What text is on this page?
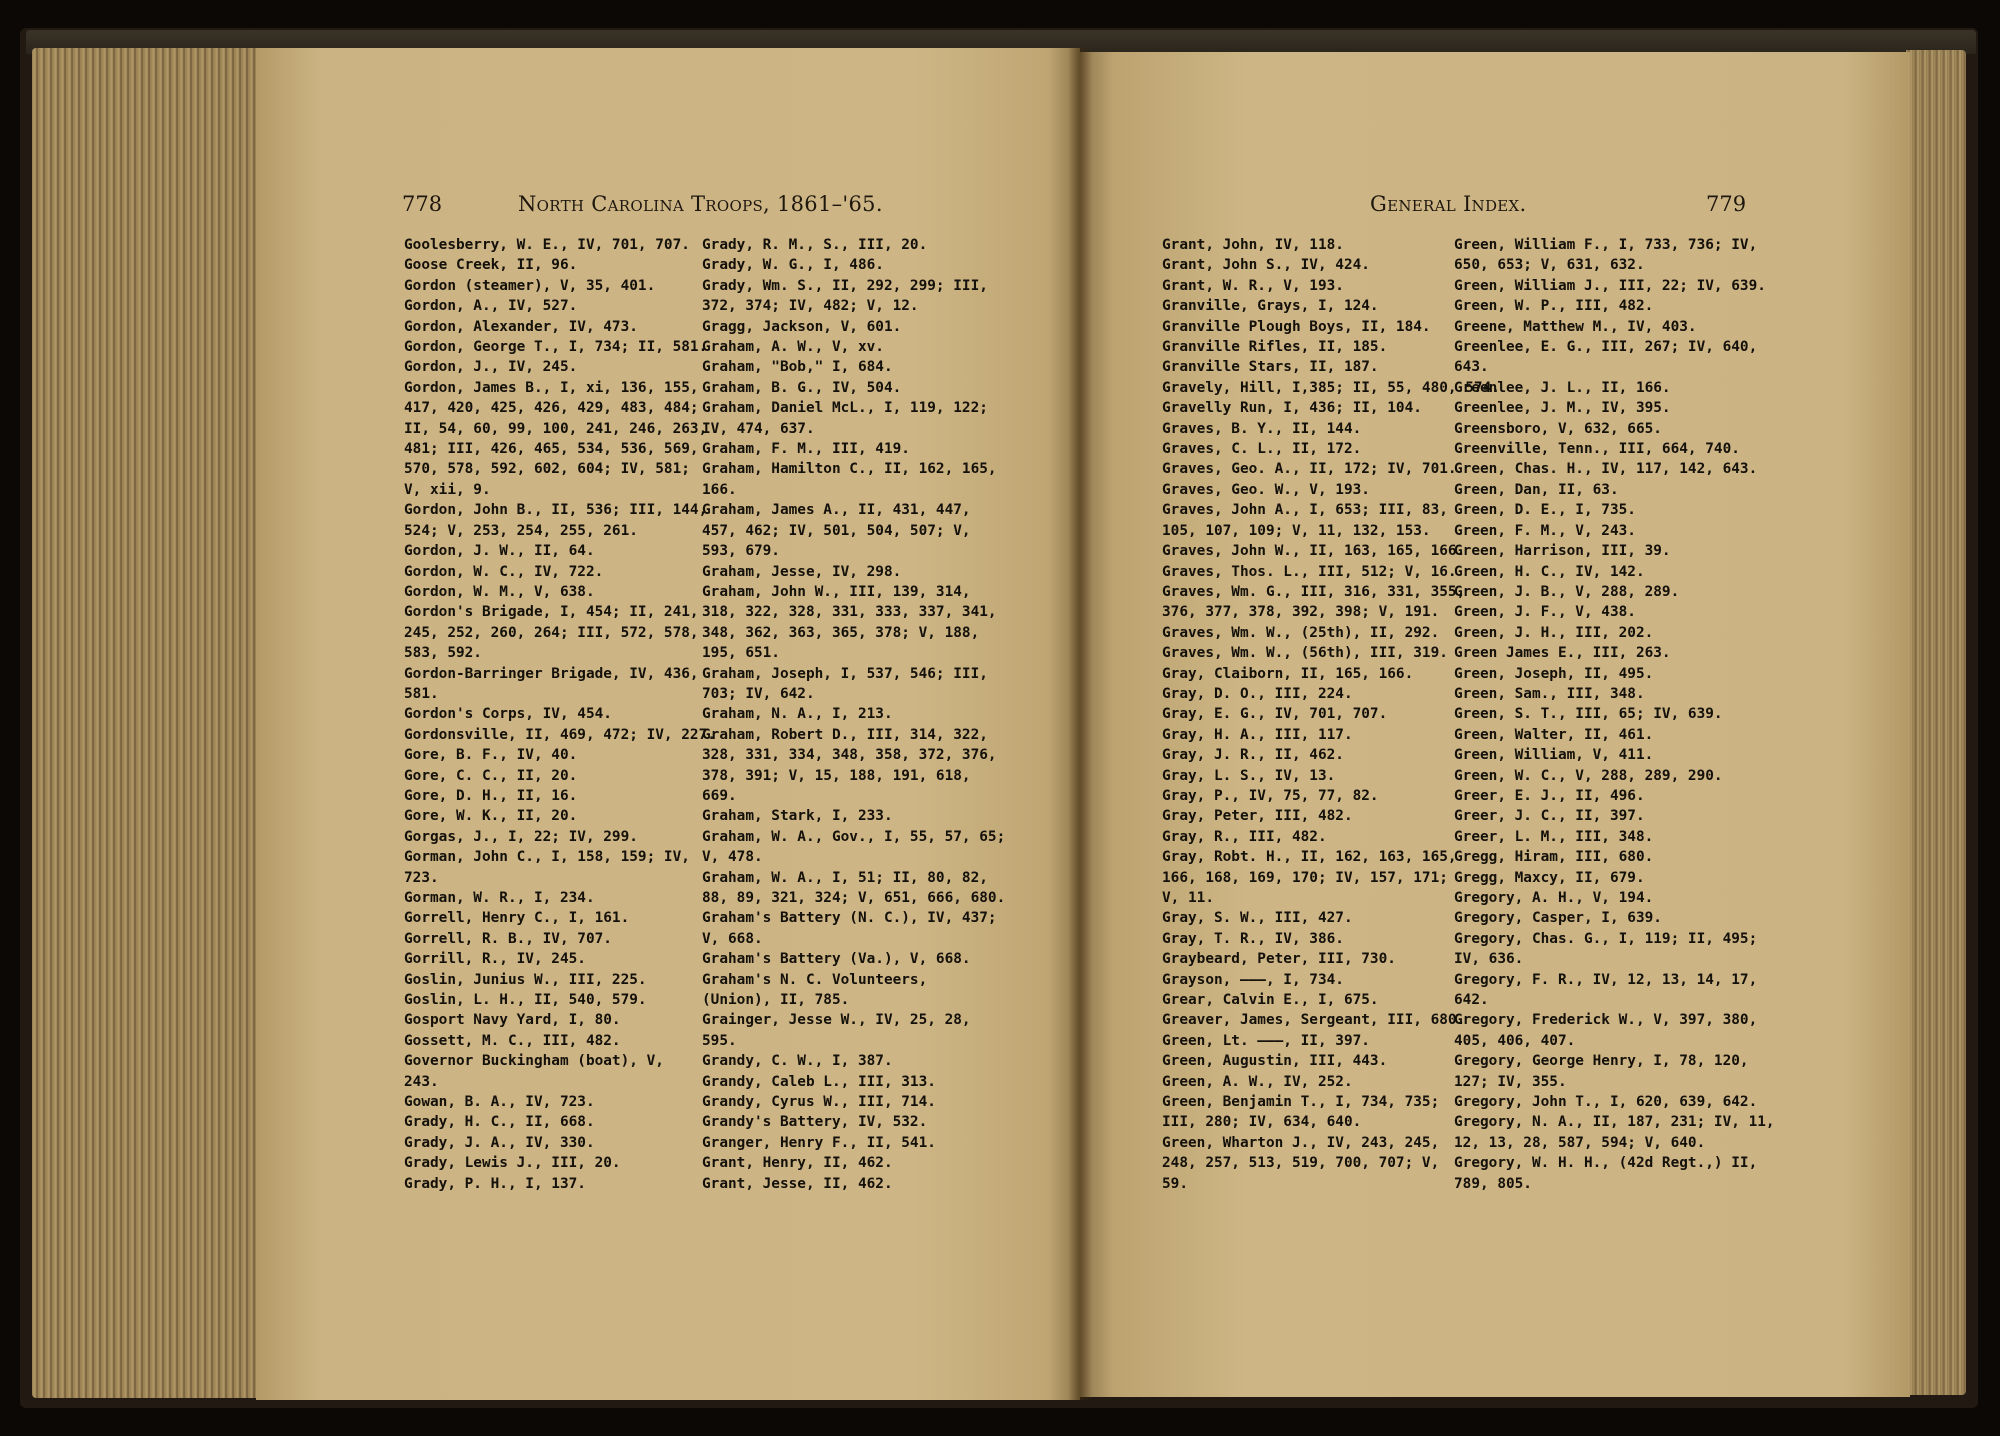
778	North Carolina Troops, 1861–'65.	General Index.	779
Goolesberry, W. E., IV, 701, 707.
Goose Creek, II, 96.
Gordon (steamer), V, 35, 401.
Gordon, A., IV, 527.
Gordon, Alexander, IV, 473.
Gordon, George T., I, 734; II, 581.
Gordon, J., IV, 245.
Gordon, James B., I, xi, 136, 155,
417, 420, 425, 426, 429, 483, 484;
II, 54, 60, 99, 100, 241, 246, 263,
481; III, 426, 465, 534, 536, 569,
570, 578, 592, 602, 604; IV, 581;
V, xii, 9.
Gordon, John B., II, 536; III, 144,
524; V, 253, 254, 255, 261.
Gordon, J. W., II, 64.
Gordon, W. C., IV, 722.
Gordon, W. M., V, 638.
Gordon's Brigade, I, 454; II, 241,
245, 252, 260, 264; III, 572, 578,
583, 592.
Gordon-Barringer Brigade, IV, 436,
581.
Gordon's Corps, IV, 454.
Gordonsville, II, 469, 472; IV, 227.
Gore, B. F., IV, 40.
Gore, C. C., II, 20.
Gore, D. H., II, 16.
Gore, W. K., II, 20.
Gorgas, J., I, 22; IV, 299.
Gorman, John C., I, 158, 159; IV,
723.
Gorman, W. R., I, 234.
Gorrell, Henry C., I, 161.
Gorrell, R. B., IV, 707.
Gorrill, R., IV, 245.
Goslin, Junius W., III, 225.
Goslin, L. H., II, 540, 579.
Gosport Navy Yard, I, 80.
Gossett, M. C., III, 482.
Governor Buckingham (boat), V,
243.
Gowan, B. A., IV, 723.
Grady, H. C., II, 668.
Grady, J. A., IV, 330.
Grady, Lewis J., III, 20.
Grady, P. H., I, 137.
Grady, R. M., S., III, 20.
Grady, W. G., I, 486.
Grady, Wm. S., II, 292, 299; III,
372, 374; IV, 482; V, 12.
Gragg, Jackson, V, 601.
Graham, A. W., V, xv.
Graham, "Bob," I, 684.
Graham, B. G., IV, 504.
Graham, Daniel McL., I, 119, 122;
IV, 474, 637.
Graham, F. M., III, 419.
Graham, Hamilton C., II, 162, 165,
166.
Graham, James A., II, 431, 447,
457, 462; IV, 501, 504, 507; V,
593, 679.
Graham, Jesse, IV, 298.
Graham, John W., III, 139, 314,
318, 322, 328, 331, 333, 337, 341,
348, 362, 363, 365, 378; V, 188,
195, 651.
Graham, Joseph, I, 537, 546; III,
703; IV, 642.
Graham, N. A., I, 213.
Graham, Robert D., III, 314, 322,
328, 331, 334, 348, 358, 372, 376,
378, 391; V, 15, 188, 191, 618,
669.
Graham, Stark, I, 233.
Graham, W. A., Gov., I, 55, 57, 65;
V, 478.
Graham, W. A., I, 51; II, 80, 82,
88, 89, 321, 324; V, 651, 666, 680.
Graham's Battery (N. C.), IV, 437;
V, 668.
Graham's Battery (Va.), V, 668.
Graham's N. C. Volunteers,
(Union), II, 785.
Grainger, Jesse W., IV, 25, 28,
595.
Grandy, C. W., I, 387.
Grandy, Caleb L., III, 313.
Grandy, Cyrus W., III, 714.
Grandy's Battery, IV, 532.
Granger, Henry F., II, 541.
Grant, Henry, II, 462.
Grant, Jesse, II, 462.
Grant, John, IV, 118.
Grant, John S., IV, 424.
Grant, W. R., V, 193.
Granville, Grays, I, 124.
Granville Plough Boys, II, 184.
Granville Rifles, II, 185.
Granville Stars, II, 187.
Gravely, Hill, I,385; II, 55, 480, 574.
Gravelly Run, I, 436; II, 104.
Graves, B. Y., II, 144.
Graves, C. L., II, 172.
Graves, Geo. A., II, 172; IV, 701.
Graves, Geo. W., V, 193.
Graves, John A., I, 653; III, 83,
105, 107, 109; V, 11, 132, 153.
Graves, John W., II, 163, 165, 166.
Graves, Thos. L., III, 512; V, 16.
Graves, Wm. G., III, 316, 331, 355,
376, 377, 378, 392, 398; V, 191.
Graves, Wm. W., (25th), II, 292.
Graves, Wm. W., (56th), III, 319.
Gray, Claiborn, II, 165, 166.
Gray, D. O., III, 224.
Gray, E. G., IV, 701, 707.
Gray, H. A., III, 117.
Gray, J. R., II, 462.
Gray, L. S., IV, 13.
Gray, P., IV, 75, 77, 82.
Gray, Peter, III, 482.
Gray, R., III, 482.
Gray, Robt. H., II, 162, 163, 165,
166, 168, 169, 170; IV, 157, 171;
V, 11.
Gray, S. W., III, 427.
Gray, T. R., IV, 386.
Graybeard, Peter, III, 730.
Grayson, ———, I, 734.
Grear, Calvin E., I, 675.
Greaver, James, Sergeant, III, 680.
Green, Lt. ———, II, 397.
Green, Augustin, III, 443.
Green, A. W., IV, 252.
Green, Benjamin T., I, 734, 735;
III, 280; IV, 634, 640.
Green, Wharton J., IV, 243, 245,
248, 257, 513, 519, 700, 707; V,
59.
Green, William F., I, 733, 736; IV,
650, 653; V, 631, 632.
Green, William J., III, 22; IV, 639.
Green, W. P., III, 482.
Greene, Matthew M., IV, 403.
Greenlee, E. G., III, 267; IV, 640,
643.
Greenlee, J. L., II, 166.
Greenlee, J. M., IV, 395.
Greensboro, V, 632, 665.
Greenville, Tenn., III, 664, 740.
Green, Chas. H., IV, 117, 142, 643.
Green, Dan, II, 63.
Green, D. E., I, 735.
Green, F. M., V, 243.
Green, Harrison, III, 39.
Green, H. C., IV, 142.
Green, J. B., V, 288, 289.
Green, J. F., V, 438.
Green, J. H., III, 202.
Green James E., III, 263.
Green, Joseph, II, 495.
Green, Sam., III, 348.
Green, S. T., III, 65; IV, 639.
Green, Walter, II, 461.
Green, William, V, 411.
Green, W. C., V, 288, 289, 290.
Greer, E. J., II, 496.
Greer, J. C., II, 397.
Greer, L. M., III, 348.
Gregg, Hiram, III, 680.
Gregg, Maxcy, II, 679.
Gregory, A. H., V, 194.
Gregory, Casper, I, 639.
Gregory, Chas. G., I, 119; II, 495;
IV, 636.
Gregory, F. R., IV, 12, 13, 14, 17,
642.
Gregory, Frederick W., V, 397, 380,
405, 406, 407.
Gregory, George Henry, I, 78, 120,
127; IV, 355.
Gregory, John T., I, 620, 639, 642.
Gregory, N. A., II, 187, 231; IV, 11,
12, 13, 28, 587, 594; V, 640.
Gregory, W. H. H., (42d Regt.,) II,
789, 805.
